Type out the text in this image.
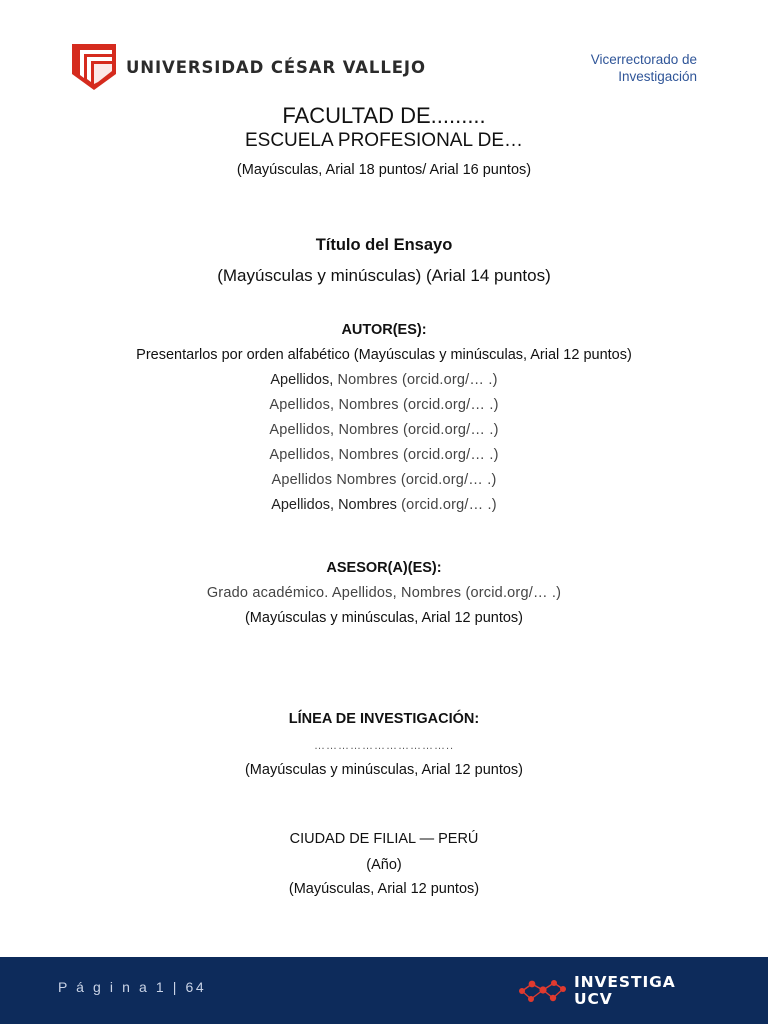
UNIVERSIDAD CÉSAR VALLEJO	Vicerrectorado de
Investigación
FACULTAD DE.........
ESCUELA PROFESIONAL DE…
(Mayúsculas, Arial 18 puntos/ Arial 16 puntos)
Título del Ensayo
(Mayúsculas y minúsculas) (Arial 14 puntos)
AUTOR(ES):
Presentarlos por orden alfabético (Mayúsculas y minúsculas, Arial 12 puntos)
Apellidos, Nombres (orcid.org/… .)
Apellidos, Nombres (orcid.org/… .)
Apellidos, Nombres (orcid.org/… .)
Apellidos, Nombres (orcid.org/… .)
Apellidos Nombres (orcid.org/… .)
Apellidos, Nombres (orcid.org/… .)
ASESOR(A)(ES):
Grado académico. Apellidos, Nombres (orcid.org/… .)
(Mayúsculas y minúsculas, Arial 12 puntos)
LÍNEA DE INVESTIGACIÓN:
……………………………..
(Mayúsculas y minúsculas, Arial 12 puntos)
CIUDAD DE FILIAL — PERÚ
(Año)
(Mayúsculas, Arial 12 puntos)
P á g i n a 1 | 64	INVESTIGA
UCV
